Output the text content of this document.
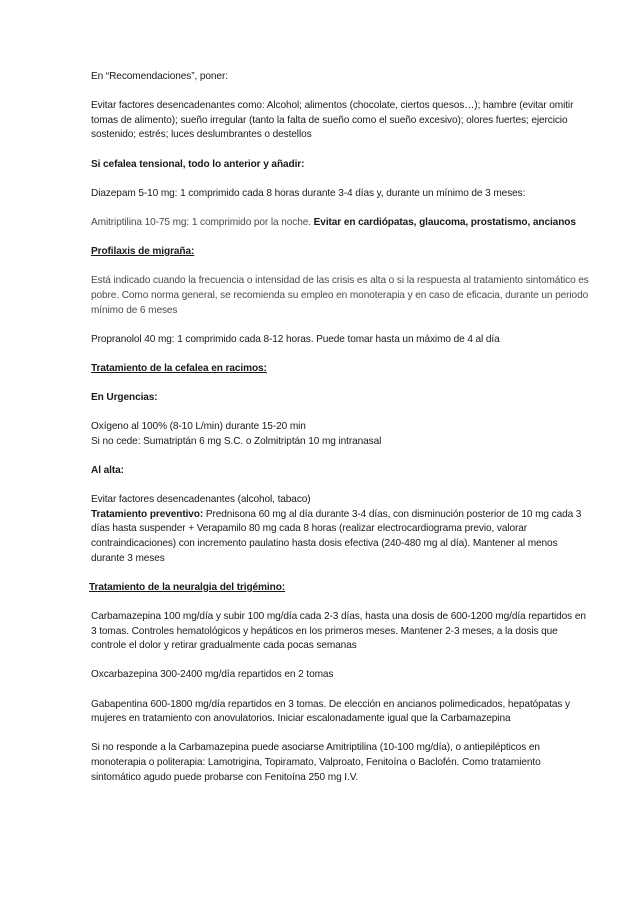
En “Recomendaciones”, poner:

Evitar factores desencadenantes como: Alcohol; alimentos (chocolate, ciertos quesos…); hambre (evitar omitir tomas de alimento); sueño irregular (tanto la falta de sueño como el sueño excesivo); olores fuertes; ejercicio sostenido; estrés; luces deslumbrantes o destellos

Si cefalea tensional, todo lo anterior y añadir:

Diazepam 5-10 mg: 1 comprimido cada 8 horas durante 3-4 días y, durante un mínimo de 3 meses:

Amitriptilina 10-75 mg: 1 comprimido por la noche. Evitar en cardiópatas, glaucoma, prostatismo, ancianos

Profilaxis de migraña:

Está indicado cuando la frecuencia o intensidad de las crisis es alta o si la respuesta al tratamiento sintomático es pobre. Como norma general, se recomienda su empleo en monoterapia y en caso de eficacia, durante un periodo mínimo de 6 meses

Propranolol 40 mg: 1 comprimido cada 8-12 horas. Puede tomar hasta un máximo de 4 al día

Tratamiento de la cefalea en racimos:

En Urgencias:

Oxígeno al 100% (8-10 L/min) durante 15-20 min

Si no cede: Sumatriptán 6 mg S.C. o Zolmitriptán 10 mg intranasal

Al alta:

Evitar factores desencadenantes (alcohol, tabaco)

Tratamiento preventivo: Prednisona 60 mg al día durante 3-4 días, con disminución posterior de 10 mg cada 3 días hasta suspender + Verapamilo 80 mg cada 8 horas (realizar electrocardiograma previo, valorar contraindicaciones) con incremento paulatino hasta dosis efectiva (240-480 mg al día). Mantener al menos durante 3 meses

Tratamiento de la neuralgia del trigémino:

Carbamazepina 100 mg/día y subir 100 mg/día cada 2-3 días, hasta una dosis de 600-1200 mg/día repartidos en 3 tomas. Controles hematológicos y hepáticos en los primeros meses. Mantener 2-3 meses, a la dosis que controle el dolor y retirar gradualmente cada pocas semanas

Oxcarbazepina 300-2400 mg/día repartidos en 2 tomas

Gabapentina 600-1800 mg/día repartidos en 3 tomas. De elección en ancianos polimedicados, hepatópatas y mujeres en tratamiento con anovulatorios. Iniciar escalonadamente igual que la Carbamazepina

Si no responde a la Carbamazepina puede asociarse Amitriptilina (10-100 mg/día), o antiepilépticos en monoterapia o politerapia: Lamotrigina, Topiramato, Valproato, Fenitoína o Baclofén. Como tratamiento sintomático agudo puede probarse con Fenitoína 250 mg I.V.
